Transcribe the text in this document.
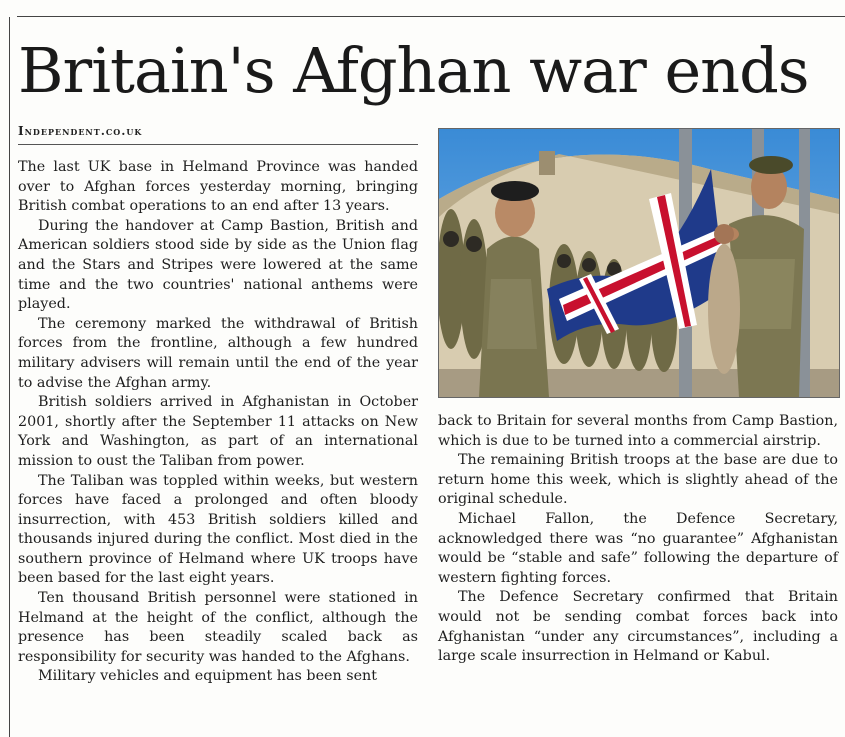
Britain's Afghan war ends
Independent.co.uk

The last UK base in Helmand Province was handed over to Afghan forces yesterday morning, bringing British combat operations to an end after 13 years.

During the handover at Camp Bastion, British and American soldiers stood side by side as the Union flag and the Stars and Stripes were lowered at the same time and the two countries' national anthems were played.

The ceremony marked the withdrawal of British forces from the frontline, although a few hundred military advisers will remain until the end of the year to advise the Afghan army.

British soldiers arrived in Afghanistan in October 2001, shortly after the September 11 attacks on New York and Washington, as part of an international mission to oust the Taliban from power.

The Taliban was toppled within weeks, but western forces have faced a prolonged and often bloody insurrection, with 453 British soldiers killed and thousands injured during the conflict. Most died in the southern province of Helmand where UK troops have been based for the last eight years.

Ten thousand British personnel were stationed in Helmand at the height of the conflict, although the presence has been steadily scaled back as responsibility for security was handed to the Afghans.

Military vehicles and equipment has been sent

back to Britain for several months from Camp Bastion, which is due to be turned into a commercial airstrip.

The remaining British troops at the base are due to return home this week, which is slightly ahead of the original schedule.

Michael Fallon, the Defence Secretary, acknowledged there was “no guarantee” Afghanistan would be “stable and safe” following the departure of western fighting forces.

The Defence Secretary confirmed that Britain would not be sending combat forces back into Afghanistan “under any circumstances”, including a large scale insurrection in Helmand or Kabul.
